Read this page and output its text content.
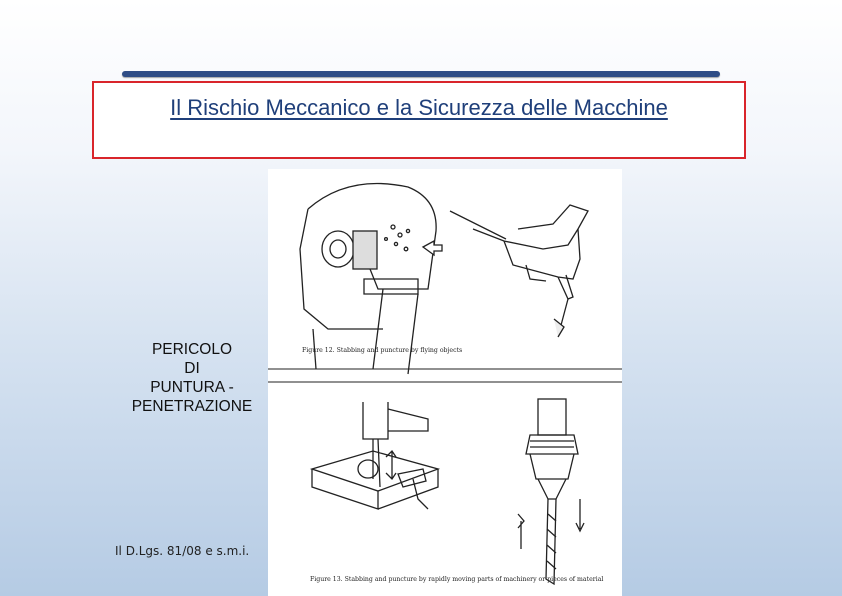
Il Rischio Meccanico e la Sicurezza delle Macchine
Figure 12. Stabbing and puncture by flying objects
Figure 13. Stabbing and puncture by rapidly moving parts of machinery or pieces of material
PERICOLO
DI
PUNTURA -
PENETRAZIONE
Il D.Lgs. 81/08 e s.m.i.
